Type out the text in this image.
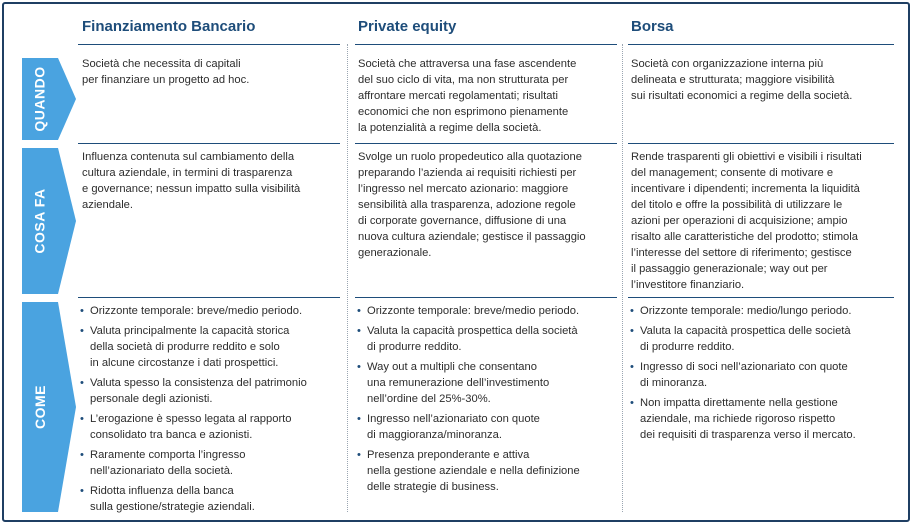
Finanziamento Bancario	Private equity	Borsa
QUANDO
COSA FA
COME

Società che necessita di capitali

per finanziare un progetto ad hoc.

Società che attraversa una fase ascendente

del suo ciclo di vita, ma non strutturata per

affrontare mercati regolamentati; risultati

economici che non esprimono pienamente

la potenzialità a regime della società.

Società con organizzazione interna più

delineata e strutturata; maggiore visibilità

sui risultati economici a regime della società.

Influenza contenuta sul cambiamento della

cultura aziendale, in termini di trasparenza

e governance; nessun impatto sulla visibilità

aziendale.

Svolge un ruolo propedeutico alla quotazione

preparando l’azienda ai requisiti richiesti per

l’ingresso nel mercato azionario: maggiore

sensibilità alla trasparenza, adozione regole

di corporate governance, diffusione di una

nuova cultura aziendale; gestisce il passaggio

generazionale.

Rende trasparenti gli obiettivi e visibili i risultati

del management; consente di motivare e

incentivare i dipendenti; incrementa la liquidità

del titolo e offre la possibilità di utilizzare le

azioni per operazioni di acquisizione; ampio

risalto alle caratteristiche del prodotto; stimola

l’interesse del settore di riferimento; gestisce

il passaggio generazionale; way out per

l’investitore finanziario.

• Orizzonte temporale: breve/medio periodo.

• Valuta principalmente la capacità storica

della società di produrre reddito e solo

in alcune circostanze i dati prospettici.

• Valuta spesso la consistenza del patrimonio

personale degli azionisti.

• L’erogazione è spesso legata al rapporto

consolidato tra banca e azionisti.

• Raramente comporta l’ingresso

nell’azionariato della società.

• Ridotta influenza della banca

sulla gestione/strategie aziendali.

• Orizzonte temporale: breve/medio periodo.

• Valuta la capacità prospettica della società

di produrre reddito.

• Way out a multipli che consentano

una remunerazione dell’investimento

nell’ordine del 25%-30%.

• Ingresso nell’azionariato con quote

di maggioranza/minoranza.

• Presenza preponderante e attiva

nella gestione aziendale e nella definizione

delle strategie di business.

• Orizzonte temporale: medio/lungo periodo.

• Valuta la capacità prospettica delle società

di produrre reddito.

• Ingresso di soci nell’azionariato con quote

di minoranza.

• Non impatta direttamente nella gestione

aziendale, ma richiede rigoroso rispetto

dei requisiti di trasparenza verso il mercato.
